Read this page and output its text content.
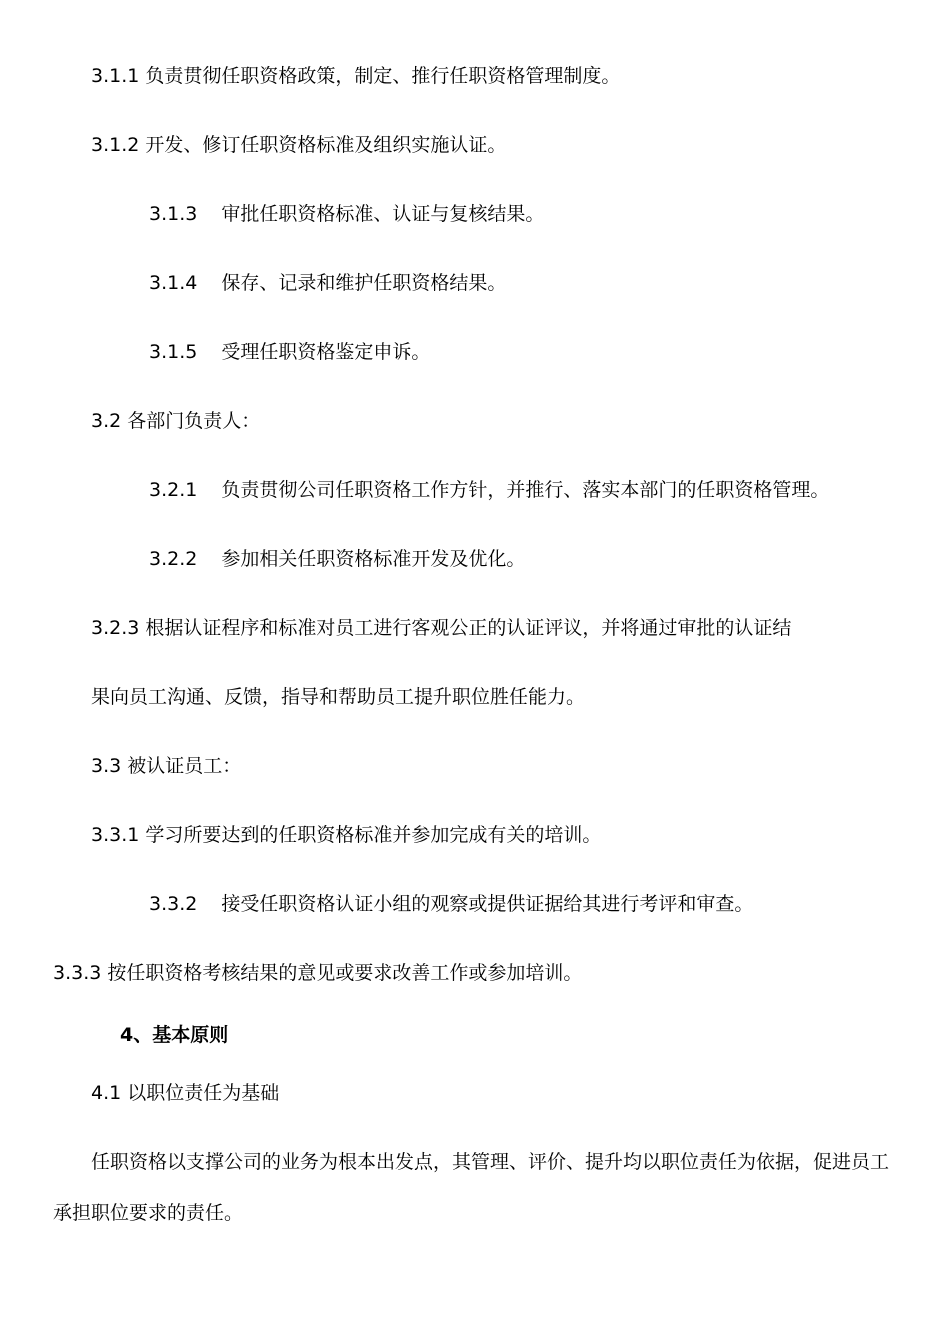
3.1.1 负责贯彻任职资格政策，制定、推行任职资格管理制度。
3.1.2 开发、修订任职资格标准及组织实施认证。
3.1.3 审批任职资格标准、认证与复核结果。
3.1.4 保存、记录和维护任职资格结果。
3.1.5 受理任职资格鉴定申诉。
3.2 各部门负责人：
3.2.1 负责贯彻公司任职资格工作方针，并推行、落实本部门的任职资格管理。
3.2.2 参加相关任职资格标准开发及优化。
3.2.3 根据认证程序和标准对员工进行客观公正的认证评议，并将通过审批的认证结
果向员工沟通、反馈，指导和帮助员工提升职位胜任能力。
3.3 被认证员工：
3.3.1 学习所要达到的任职资格标准并参加完成有关的培训。
3.3.2 接受任职资格认证小组的观察或提供证据给其进行考评和审查。
3.3.3 按任职资格考核结果的意见或要求改善工作或参加培训。
4、基本原则
4.1 以职位责任为基础
任职资格以支撑公司的业务为根本出发点，其管理、评价、提升均以职位责任为依据，促进员工
承担职位要求的责任。
